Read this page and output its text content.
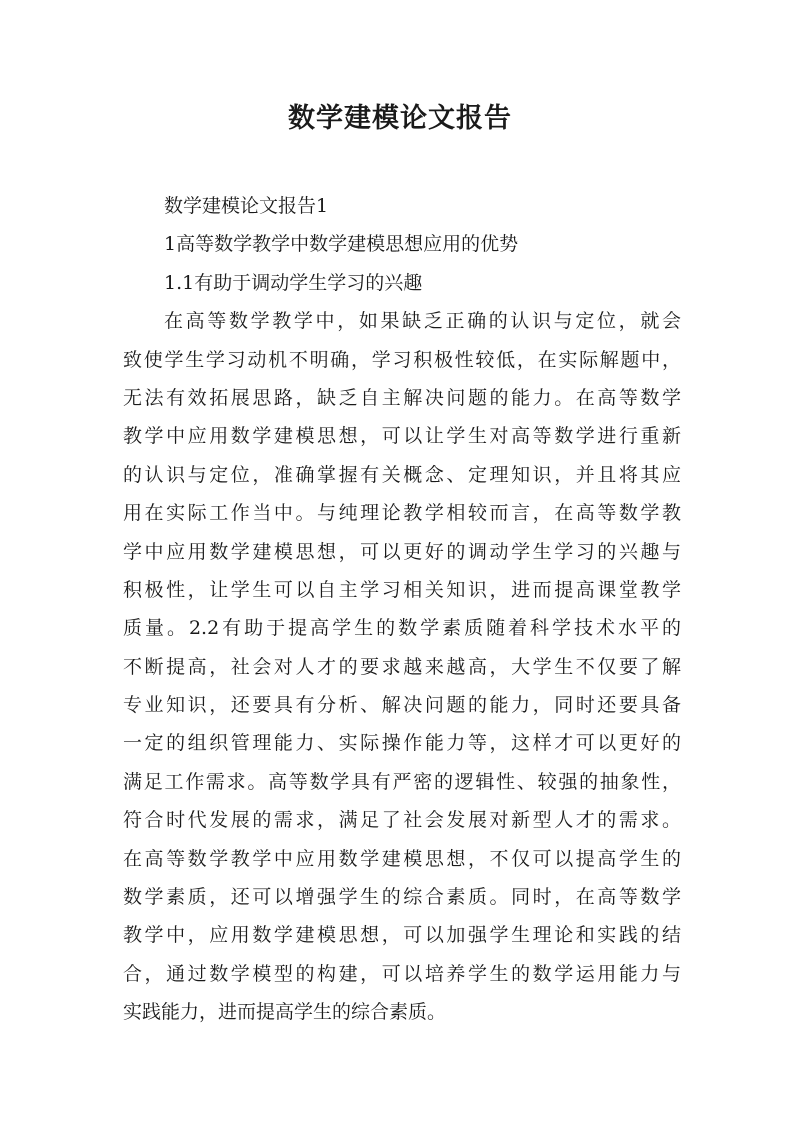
数学建模论文报告

数学建模论文报告1

1高等数学教学中数学建模思想应用的优势

1.1有助于调动学生学习的兴趣

在高等数学教学中，如果缺乏正确的认识与定位，就会

致使学生学习动机不明确，学习积极性较低，在实际解题中，

无法有效拓展思路，缺乏自主解决问题的能力。在高等数学

教学中应用数学建模思想，可以让学生对高等数学进行重新

的认识与定位，准确掌握有关概念、定理知识，并且将其应

用在实际工作当中。与纯理论教学相较而言，在高等数学教

学中应用数学建模思想，可以更好的调动学生学习的兴趣与

积极性，让学生可以自主学习相关知识，进而提高课堂教学

质量。2.2有助于提高学生的数学素质随着科学技术水平的

不断提高，社会对人才的要求越来越高，大学生不仅要了解

专业知识，还要具有分析、解决问题的能力，同时还要具备

一定的组织管理能力、实际操作能力等，这样才可以更好的

满足工作需求。高等数学具有严密的逻辑性、较强的抽象性，

符合时代发展的需求，满足了社会发展对新型人才的需求。

在高等数学教学中应用数学建模思想，不仅可以提高学生的

数学素质，还可以增强学生的综合素质。同时，在高等数学

教学中，应用数学建模思想，可以加强学生理论和实践的结

合，通过数学模型的构建，可以培养学生的数学运用能力与

实践能力，进而提高学生的综合素质。
